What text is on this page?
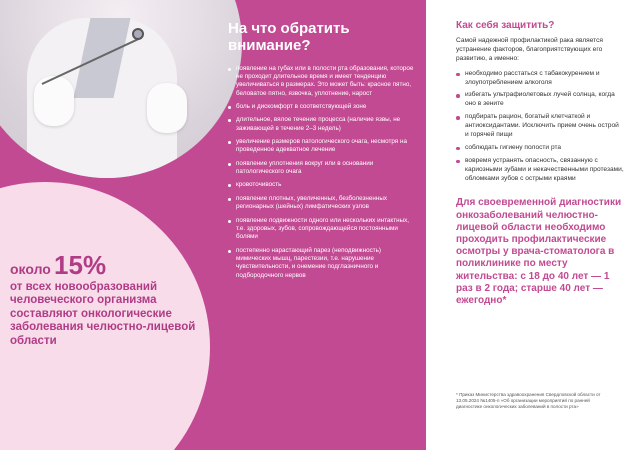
около 15%
от всех новообразований человеческого организма составляют онкологические заболевания челюстно-лицевой области
На что обратить внимание?
появление на губах или в полости рта образования, которое не проходит длительное время и имеет тенденцию увеличиваться в размерах. Это может быть: красное пятно, беловатое пятно, язвочка, уплотнение, нарост
боль и дискомфорт в соответствующей зоне
длительное, вялое течение процесса (наличие язвы, не заживающей в течение 2–3 недель)
увеличение размеров патологического очага, несмотря на проведенное адекватное лечение
появление уплотнения вокруг или в основании патологического очага
кровоточивость
появление плотных, увеличенных, безболезненных регионарных (шейных) лимфатических узлов
появление подвижности одного или нескольких интактных, т.е. здоровых, зубов, сопровождающейся постоянными болями
постепенно нарастающий парез (неподвижность) мимических мышц, парестезии, т.е. нарушение чувствительности, и онемение подглазничного и подбородочного нервов
Как себя защитить?

Самой надежной профилактикой рака является устранение факторов, благоприятствующих его развитию, а именно:

необходимо расстаться с табакокурением и злоупотреблением алкоголя
избегать ультрафиолетовых лучей солнца, когда оно в зените
подбирать рацион, богатый клетчаткой и антиоксидантами. Исключить прием очень острой и горячей пищи
соблюдать гигиену полости рта
вовремя устранять опасность, связанную с кариозными зубами и некачественными протезами, обломками зубов с острыми краями

Для своевременной диагностики онкозаболеваний челюстно-лицевой области необходимо проходить профилактические осмотры у врача-стоматолога в поликлинике по месту жительства: с 18 до 40 лет — 1 раз в 2 года; старше 40 лет — ежегодно*

* Приказ Министерства здравоохранения Свердловской области от 13.05.2024 №1405-п «Об организации мероприятий по ранней диагностике онкологических заболеваний в полости рта»
